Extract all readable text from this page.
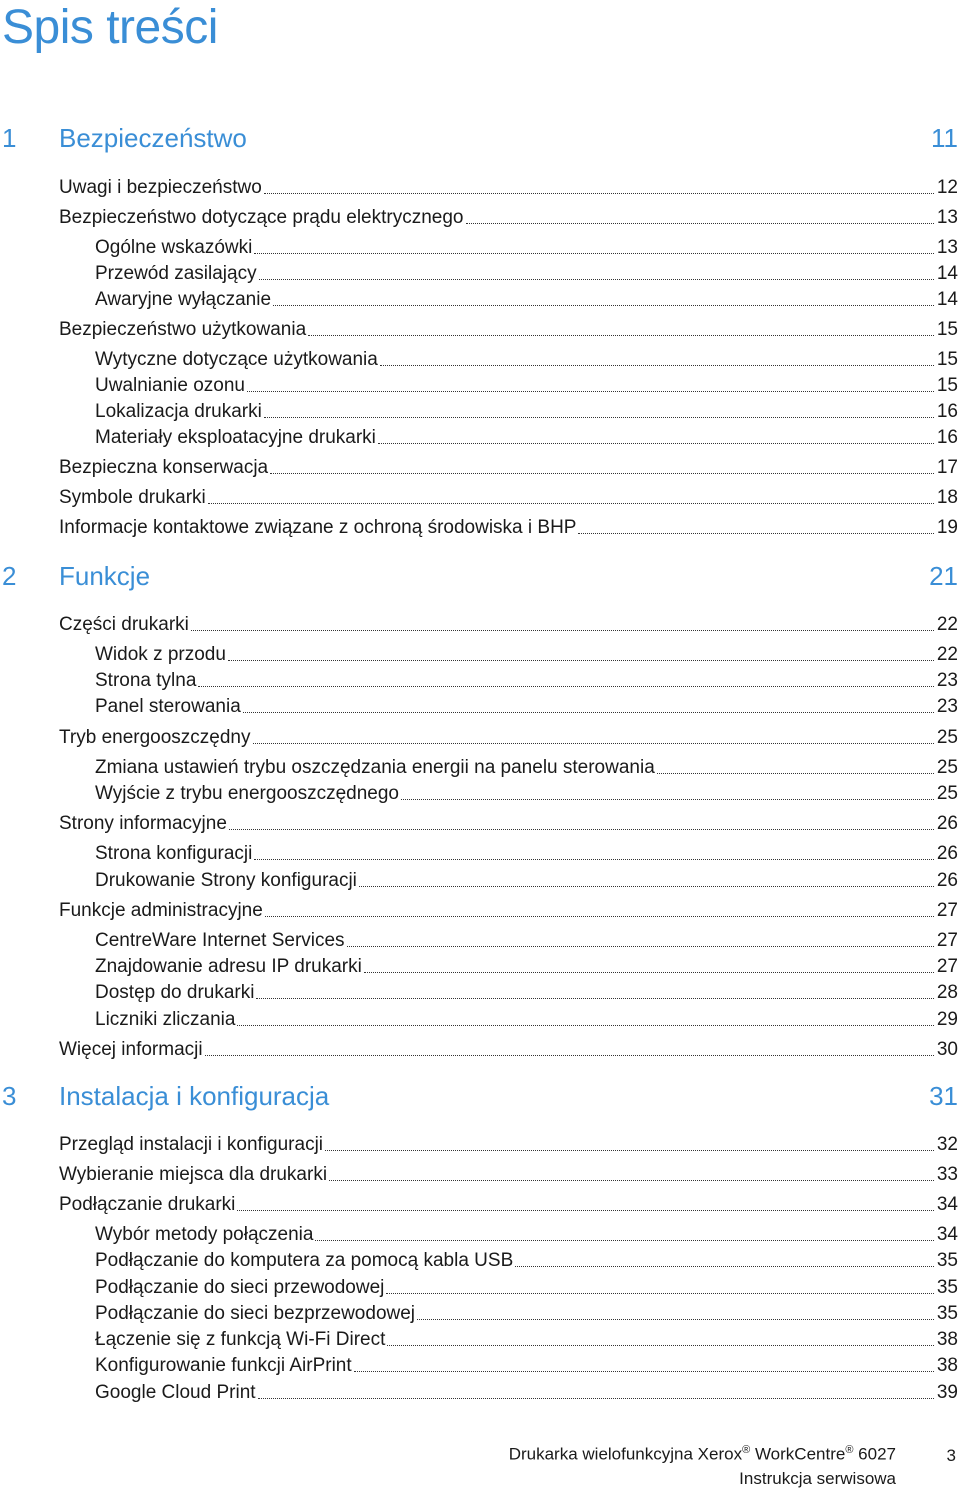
Spis treści
1 Bezpieczeństwo	11
Uwagi i bezpieczeństwo	12
Bezpieczeństwo dotyczące prądu elektrycznego	13
Ogólne wskazówki	13
Przewód zasilający	14
Awaryjne wyłączanie	14
Bezpieczeństwo użytkowania	15
Wytyczne dotyczące użytkowania	15
Uwalnianie ozonu	15
Lokalizacja drukarki	16
Materiały eksploatacyjne drukarki	16
Bezpieczna konserwacja	17
Symbole drukarki	18
Informacje kontaktowe związane z ochroną środowiska i BHP	19
2 Funkcje	21
Części drukarki	22
Widok z przodu	22
Strona tylna	23
Panel sterowania	23
Tryb energooszczędny	25
Zmiana ustawień trybu oszczędzania energii na panelu sterowania	25
Wyjście z trybu energooszczędnego	25
Strony informacyjne	26
Strona konfiguracji	26
Drukowanie Strony konfiguracji	26
Funkcje administracyjne	27
CentreWare Internet Services	27
Znajdowanie adresu IP drukarki	27
Dostęp do drukarki	28
Liczniki zliczania	29
Więcej informacji	30
3 Instalacja i konfiguracja	31
Przegląd instalacji i konfiguracji	32
Wybieranie miejsca dla drukarki	33
Podłączanie drukarki	34
Wybór metody połączenia	34
Podłączanie do komputera za pomocą kabla USB	35
Podłączanie do sieci przewodowej	35
Podłączanie do sieci bezprzewodowej	35
Łączenie się z funkcją Wi-Fi Direct	38
Konfigurowanie funkcji AirPrint	38
Google Cloud Print	39
Drukarka wielofunkcyjna Xerox® WorkCentre® 6027
Instrukcja serwisowa
3
